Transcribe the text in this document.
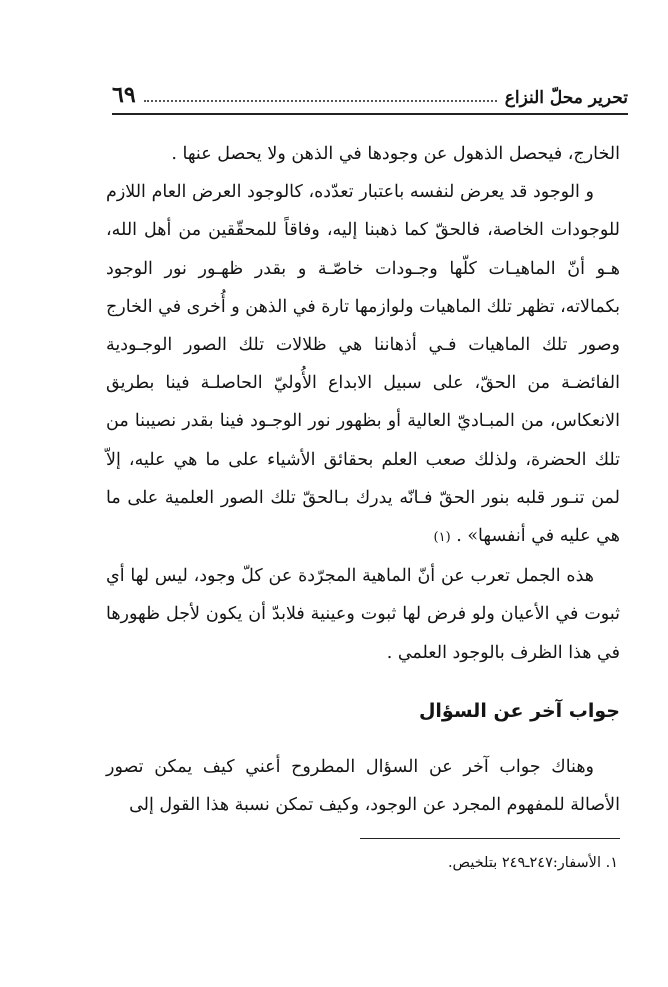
تحرير محلّ النزاع
٦٩

الخارج، فيحصل الذهول عن وجودها في الذهن ولا يحصل عنها .

و الوجود قد يعرض لنفسه باعتبار تعدّده، كالوجود العرض العام اللازم للوجودات الخاصة، فالحقّ كما ذهبنا إليه، وفاقاً للمحقّقين من أهل الله، هـو أنّ الماهيـات كلّها وجـودات خاصّـة و بقدر ظهـور نور الوجود بكمالاته، تظهر تلك الماهيات ولوازمها تارة في الذهن و أُخرى في الخارج وصور تلك الماهيات فـي أذهاننا هي ظلالات تلك الصور الوجـودية الفائضـة من الحقّ، على سبيل الابداع الأُوليّ الحاصلـة فينا بطريق الانعكاس، من المبـاديّ العالية أو بظهور نور الوجـود فينا بقدر نصيبنا من تلك الحضرة، ولذلك صعب العلم بحقائق الأشياء على ما هي عليه، إلاّ لمن تنـور قلبه بنور الحقّ فـانّه يدرك بـالحقّ تلك الصور العلمية على ما هي عليه في أنفسها» . (١)

هذه الجمل تعرب عن أنّ الماهية المجرّدة عن كلّ وجود، ليس لها أي ثبوت في الأعيان ولو فرض لها ثبوت وعينية فلابدّ أن يكون لأجل ظهورها في هذا الظرف بالوجود العلمي .

جواب آخر عن السؤال

وهناك جواب آخر عن السؤال المطروح أعني كيف يمكن تصور الأصالة للمفهوم المجرد عن الوجود، وكيف تمكن نسبة هذا القول إلى

١. الأسفار:٢٤٧ـ٢٤٩ بتلخيص.
